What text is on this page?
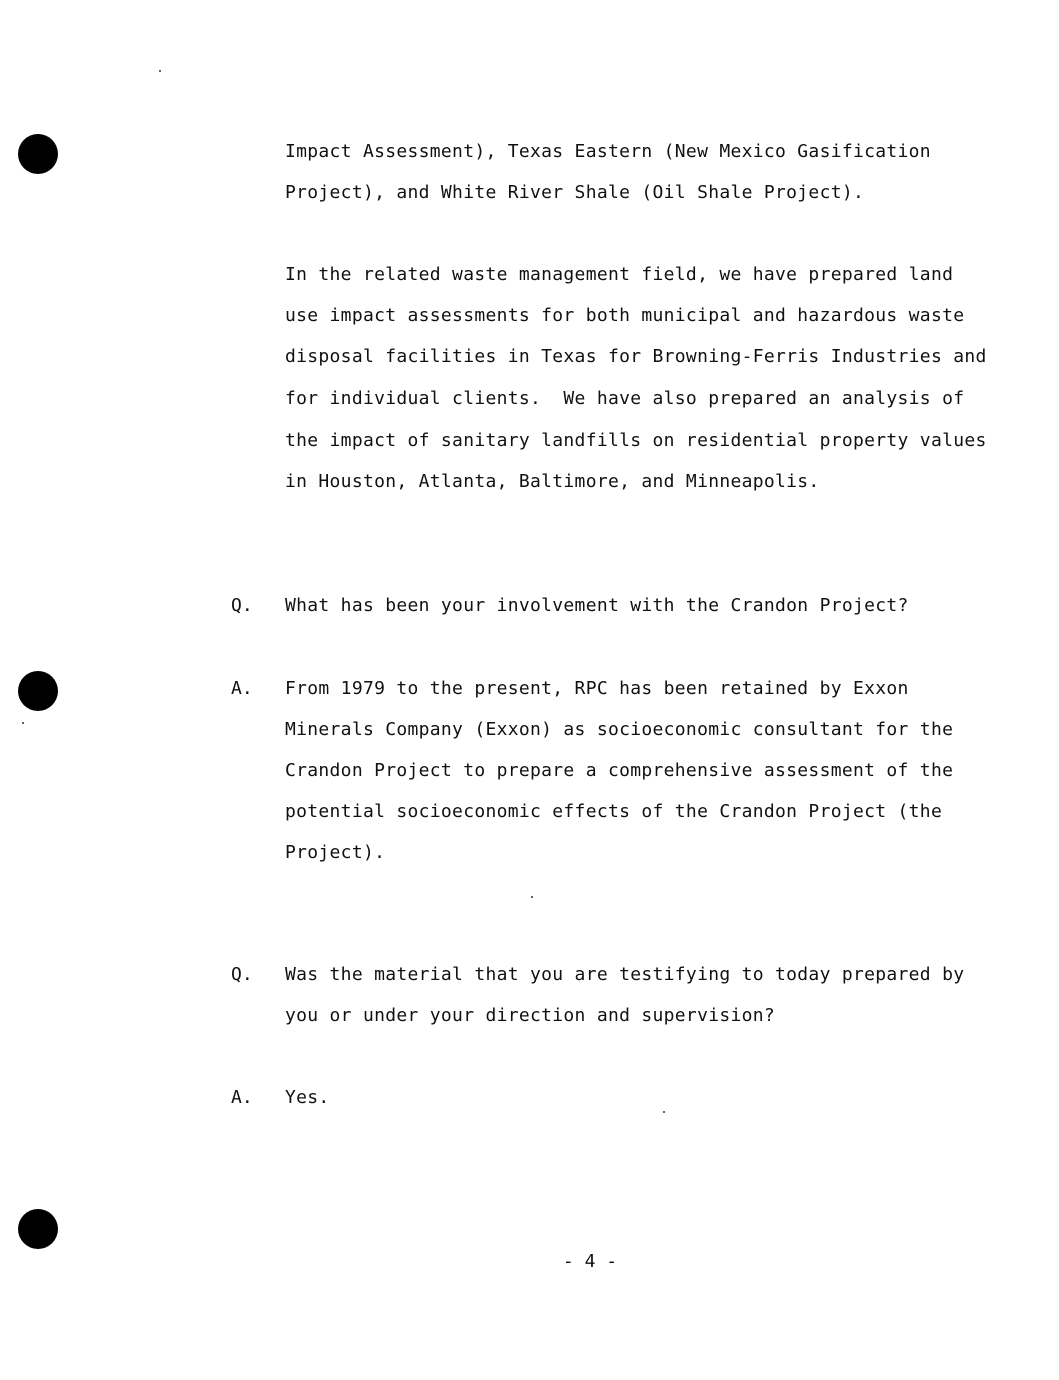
Impact Assessment), Texas Eastern (New Mexico Gasification
Project), and White River Shale (Oil Shale Project).
In the related waste management field, we have prepared land
use impact assessments for both municipal and hazardous waste
disposal facilities in Texas for Browning-Ferris Industries and
for individual clients.  We have also prepared an analysis of
the impact of sanitary landfills on residential property values
in Houston, Atlanta, Baltimore, and Minneapolis.
Q. What has been your involvement with the Crandon Project?
A. From 1979 to the present, RPC has been retained by Exxon
Minerals Company (Exxon) as socioeconomic consultant for the
Crandon Project to prepare a comprehensive assessment of the
potential socioeconomic effects of the Crandon Project (the
Project).
Q. Was the material that you are testifying to today prepared by
you or under your direction and supervision?
A. Yes.
- 4 -
